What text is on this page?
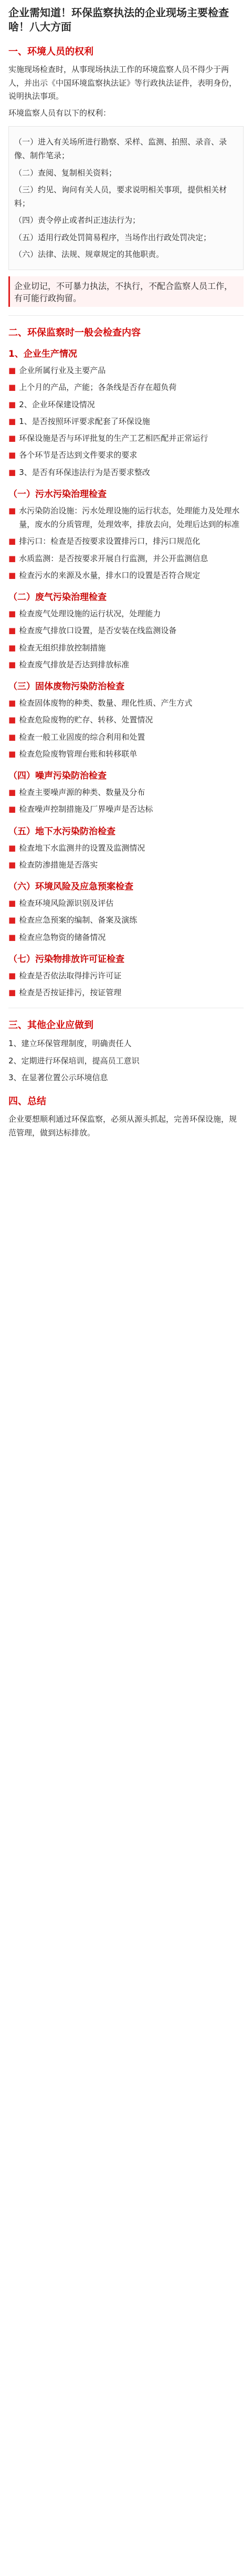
企业需知道！环保监察执法的企业现场主要检查啥！八大方面
一、环境人员的权利

实施现场检查时，从事现场执法工作的环境监察人员不得少于两人，并出示《中国环境监察执法证》等行政执法证件，表明身份，说明执法事项。

环境监察人员有以下的权利：

（一）进入有关场所进行勘察、采样、监测、拍照、录音、录像、制作笔录；
（二）查阅、复制相关资料；
（三）约见、询问有关人员，要求说明相关事项，提供相关材料；
（四）责令停止或者纠正违法行为；
（五）适用行政处罚简易程序，当场作出行政处罚决定；
（六）法律、法规、规章规定的其他职责。
企业切记，不可暴力执法，不执行，不配合监察人员工作，有可能行政拘留。
二、环保监察时一般会检查内容
1、企业生产情况
■ 企业所属行业及主要产品
■ 上个月的产品，产能；各条线是否存在超负荷
■ 2、企业环保建设情况
■ 1、是否按照环评要求配套了环保设施
■ 环保设施是否与环评批复的生产工艺相匹配并正常运行
■ 各个环节是否达到文件要求的要求
■ 3、是否有环保违法行为是否要求整改
（一）污水污染治理检查
■ 水污染防治设施：污水处理设施的运行状态，处理能力及处理水量，废水的分质管理，处理效率，排放去向，处理后达到的标准
■ 排污口：检查是否按要求设置排污口，排污口规范化
■ 水质监测：是否按要求开展自行监测，并公开监测信息
■ 检查污水的来源及水量，排水口的设置是否符合规定
（二）废气污染治理检查
■ 检查废气处理设施的运行状况，处理能力
■ 检查废气排放口设置，是否安装在线监测设备
■ 检查无组织排放控制措施
■ 检查废气排放是否达到排放标准
（三）固体废物污染防治检查
■ 检查固体废物的种类、数量、理化性质、产生方式
■ 检查危险废物的贮存、转移、处置情况
■ 检查一般工业固废的综合利用和处置
■ 检查危险废物管理台账和转移联单
（四）噪声污染防治检查
■ 检查主要噪声源的种类、数量及分布
■ 检查噪声控制措施及厂界噪声是否达标
（五）地下水污染防治检查
■ 检查地下水监测井的设置及监测情况
■ 检查防渗措施是否落实
（六）环境风险及应急预案检查
■ 检查环境风险源识别及评估
■ 检查应急预案的编制、备案及演练
■ 检查应急物资的储备情况
（七）污染物排放许可证检查
■ 检查是否依法取得排污许可证
■ 检查是否按证排污，按证管理
三、其他企业应做到
1、建立环保管理制度，明确责任人
2、定期进行环保培训，提高员工意识
3、在显著位置公示环境信息
四、总结

企业要想顺利通过环保监察，必须从源头抓起，完善环保设施，规范管理，做到达标排放。
